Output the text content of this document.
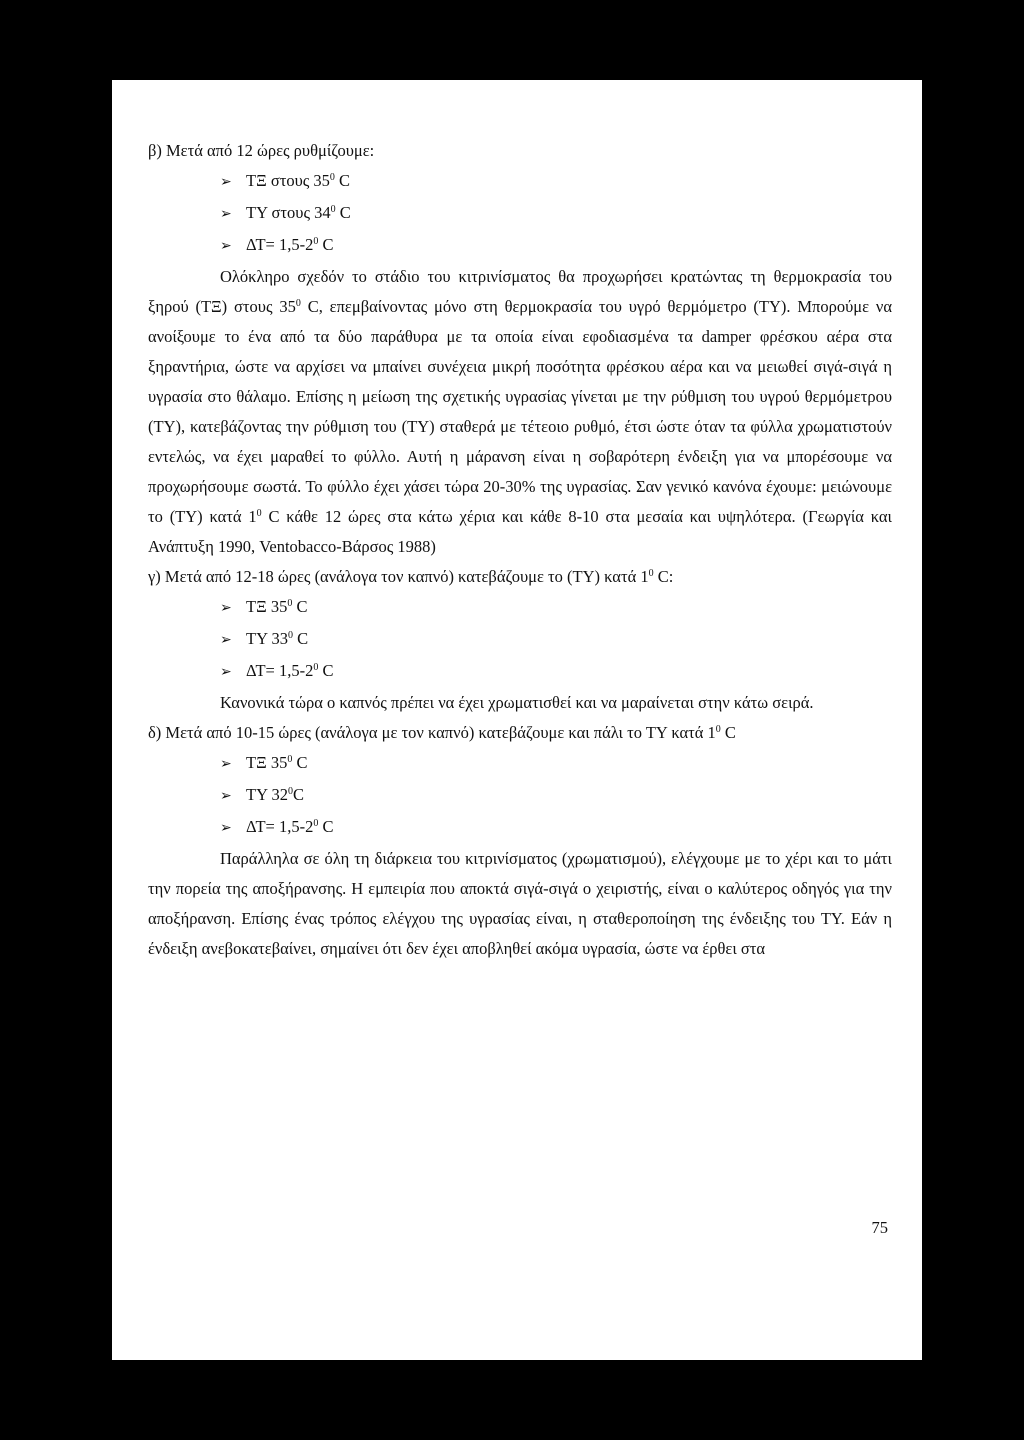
β) Μετά από 12 ώρες ρυθμίζουμε:

➢ ΤΞ στους $35^0$ C
➢ ΤΥ στους $34^0$ C
➢ $\Delta T= 1,5-2^0$ C

Ολόκληρο σχεδόν το στάδιο του κιτρινίσματος θα προχωρήσει κρατώντας τη θερμοκρασία του ξηρού (ΤΞ) στους $35^0$ C, επεμβαίνοντας μόνο στη θερμοκρασία του υγρό θερμόμετρο (ΤΥ). Μπορούμε να ανοίξουμε το ένα από τα δύο παράθυρα με τα οποία είναι εφοδιασμένα τα damper φρέσκου αέρα στα ξηραντήρια, ώστε να αρχίσει να μπαίνει συνέχεια μικρή ποσότητα φρέσκου αέρα και να μειωθεί σιγά-σιγά η υγρασία στο θάλαμο. Επίσης η μείωση της σχετικής υγρασίας γίνεται με την ρύθμιση του υγρού θερμόμετρου (ΤΥ), κατεβάζοντας την ρύθμιση του (ΤΥ) σταθερά με τέτεοιο ρυθμό, έτσι ώστε όταν τα φύλλα χρωματιστούν εντελώς, να έχει μαραθεί το φύλλο. Αυτή η μάρανση είναι η σοβαρότερη ένδειξη για να μπορέσουμε να προχωρήσουμε σωστά. Το φύλλο έχει χάσει τώρα 20-30% της υγρασίας. Σαν γενικό κανόνα έχουμε: μειώνουμε το (ΤΥ) κατά $1^0$ C κάθε 12 ώρες στα κάτω χέρια και κάθε 8-10 στα μεσαία και υψηλότερα. (Γεωργία και Ανάπτυξη 1990, Ventobacco-Βάρσος 1988)

γ) Μετά από 12-18 ώρες (ανάλογα τον καπνό) κατεβάζουμε το (ΤΥ) κατά $1^0$ C:

➢ ΤΞ $35^0$ C
➢ ΤΥ $33^0$ C
➢ $\Delta T= 1,5-2^0$ C

Κανονικά τώρα ο καπνός πρέπει να έχει χρωματισθεί και να μαραίνεται στην κάτω σειρά.

δ) Μετά από 10-15 ώρες (ανάλογα με τον καπνό) κατεβάζουμε και πάλι το ΤΥ κατά $1^0$ C

➢ ΤΞ $35^0$ C
➢ ΤΥ $32^0C$
➢ $\Delta T= 1,5-2^0$ C

Παράλληλα σε όλη τη διάρκεια του κιτρινίσματος (χρωματισμού), ελέγχουμε με το χέρι και το μάτι την πορεία της αποξήρανσης. Η εμπειρία που αποκτά σιγά-σιγά ο χειριστής, είναι ο καλύτερος οδηγός για την αποξήρανση. Επίσης ένας τρόπος ελέγχου της υγρασίας είναι, η σταθεροποίηση της ένδειξης του ΤΥ. Εάν η ένδειξη ανεβοκατεβαίνει, σημαίνει ότι δεν έχει αποβληθεί ακόμα υγρασία, ώστε να έρθει στα

75
